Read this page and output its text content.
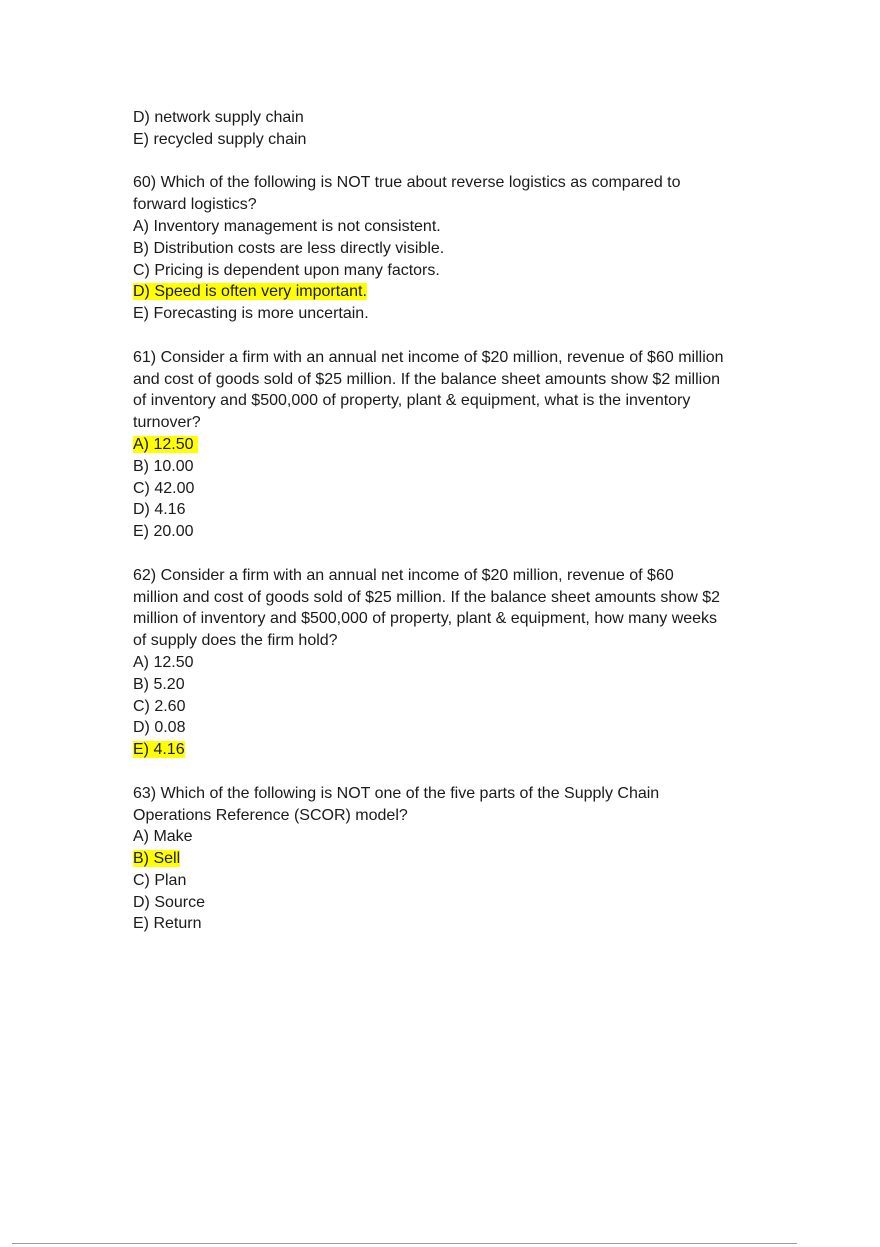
D) network supply chain
E) recycled supply chain
60) Which of the following is NOT true about reverse logistics as compared to
forward logistics?
A) Inventory management is not consistent.
B) Distribution costs are less directly visible.
C) Pricing is dependent upon many factors.
D) Speed is often very important.
E) Forecasting is more uncertain.
61) Consider a firm with an annual net income of $20 million, revenue of $60 million
and cost of goods sold of $25 million. If the balance sheet amounts show $2 million
of inventory and $500,000 of property, plant & equipment, what is the inventory
turnover?
A) 12.50
B) 10.00
C) 42.00
D) 4.16
E) 20.00
62) Consider a firm with an annual net income of $20 million, revenue of $60
million and cost of goods sold of $25 million. If the balance sheet amounts show $2
million of inventory and $500,000 of property, plant & equipment, how many weeks
of supply does the firm hold?
A) 12.50
B) 5.20
C) 2.60
D) 0.08
E) 4.16
63) Which of the following is NOT one of the five parts of the Supply Chain
Operations Reference (SCOR) model?
A) Make
B) Sell
C) Plan
D) Source
E) Return
